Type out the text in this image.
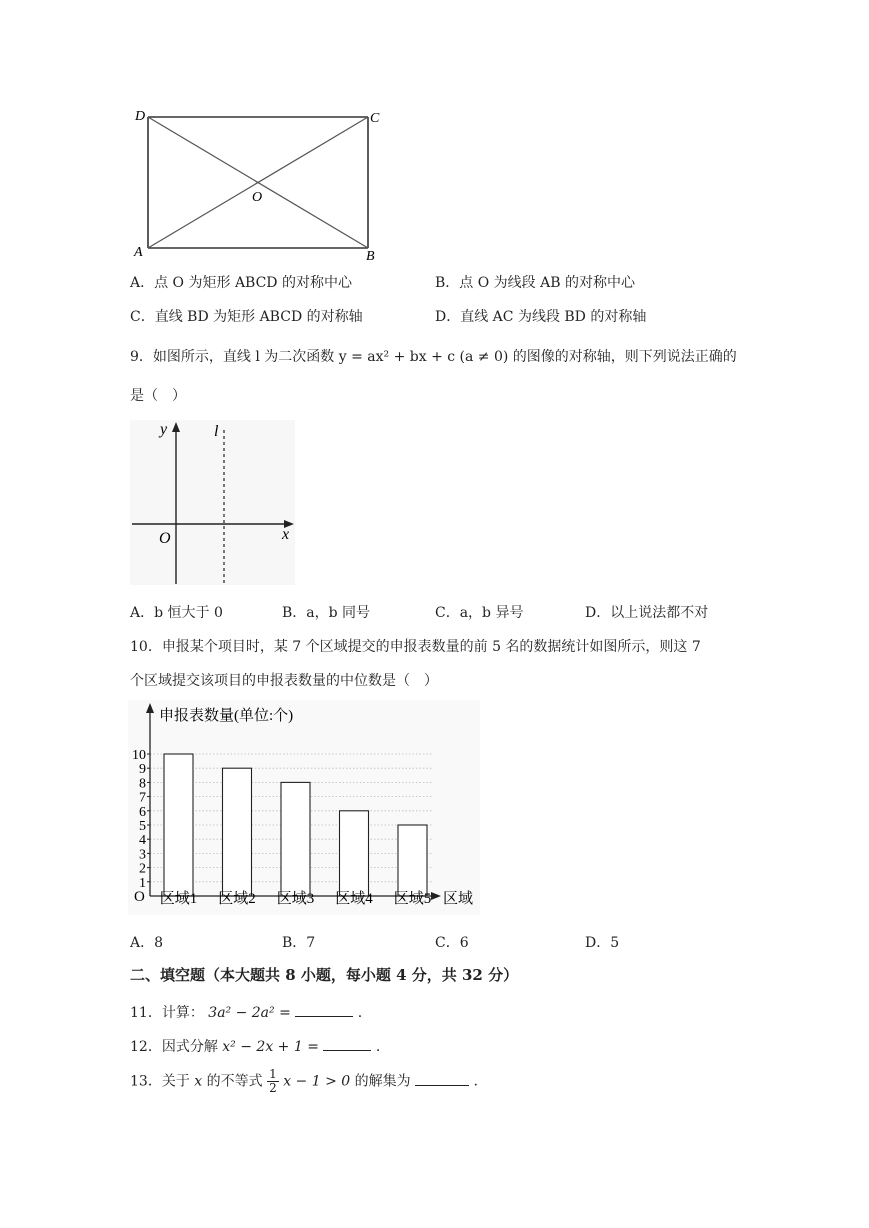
D	C
A	B
O
A．点 O 为矩形 ABCD 的对称中心	B．点 O 为线段 AB 的对称中心
C．直线 BD 为矩形 ABCD 的对称轴	D．直线 AC 为线段 BD 的对称轴
9．如图所示，直线 l 为二次函数 y = ax² + bx + c (a ≠ 0) 的图像的对称轴，则下列说法正确的
是（　）
y	l
x
O
A．b 恒大于 0	B．a，b 同号	C．a，b 异号	D．以上说法都不对
10．申报某个项目时，某 7 个区域提交的申报表数量的前 5 名的数据统计如图所示，则这 7
个区域提交该项目的申报表数量的中位数是（　）
申报表数量(单位:个)
区域
O
1
2
3
4
5
6
7
8
9
10
区域1 区域2 区域3 区域4 区域5
A．8	B．7	C．6	D．5
二、填空题（本大题共 8 小题，每小题 4 分，共 32 分）
11．计算： 3a² − 2a² =	.
12．因式分解 x² − 2x + 1 =	.
13．关于 x 的不等式 $\frac{1}{2}$ x − 1 > 0 的解集为	.
